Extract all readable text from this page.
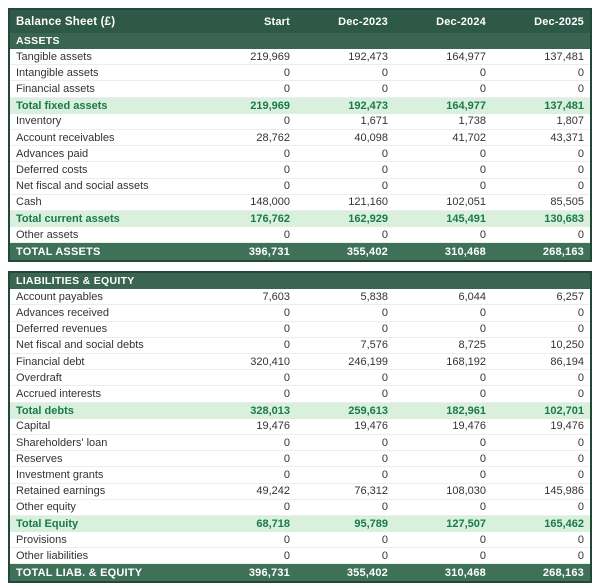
Balance Sheet (£)	Start	Dec-2023	Dec-2024	Dec-2025
ASSETS
Tangible assets	219,969	192,473	164,977	137,481
Intangible assets	0	0	0	0
Financial assets	0	0	0	0
Total fixed assets	219,969	192,473	164,977	137,481
Inventory	0	1,671	1,738	1,807
Account receivables	28,762	40,098	41,702	43,371
Advances paid	0	0	0	0
Deferred costs	0	0	0	0
Net fiscal and social assets	0	0	0	0
Cash	148,000	121,160	102,051	85,505
Total current assets	176,762	162,929	145,491	130,683
Other assets	0	0	0	0
TOTAL ASSETS	396,731	355,402	310,468	268,163
LIABILITIES & EQUITY
Account payables	7,603	5,838	6,044	6,257
Advances received	0	0	0	0
Deferred revenues	0	0	0	0
Net fiscal and social debts	0	7,576	8,725	10,250
Financial debt	320,410	246,199	168,192	86,194
Overdraft	0	0	0	0
Accrued interests	0	0	0	0
Total debts	328,013	259,613	182,961	102,701
Capital	19,476	19,476	19,476	19,476
Shareholders' loan	0	0	0	0
Reserves	0	0	0	0
Investment grants	0	0	0	0
Retained earnings	49,242	76,312	108,030	145,986
Other equity	0	0	0	0
Total Equity	68,718	95,789	127,507	165,462
Provisions	0	0	0	0
Other liabilities	0	0	0	0
TOTAL LIAB. & EQUITY	396,731	355,402	310,468	268,163
